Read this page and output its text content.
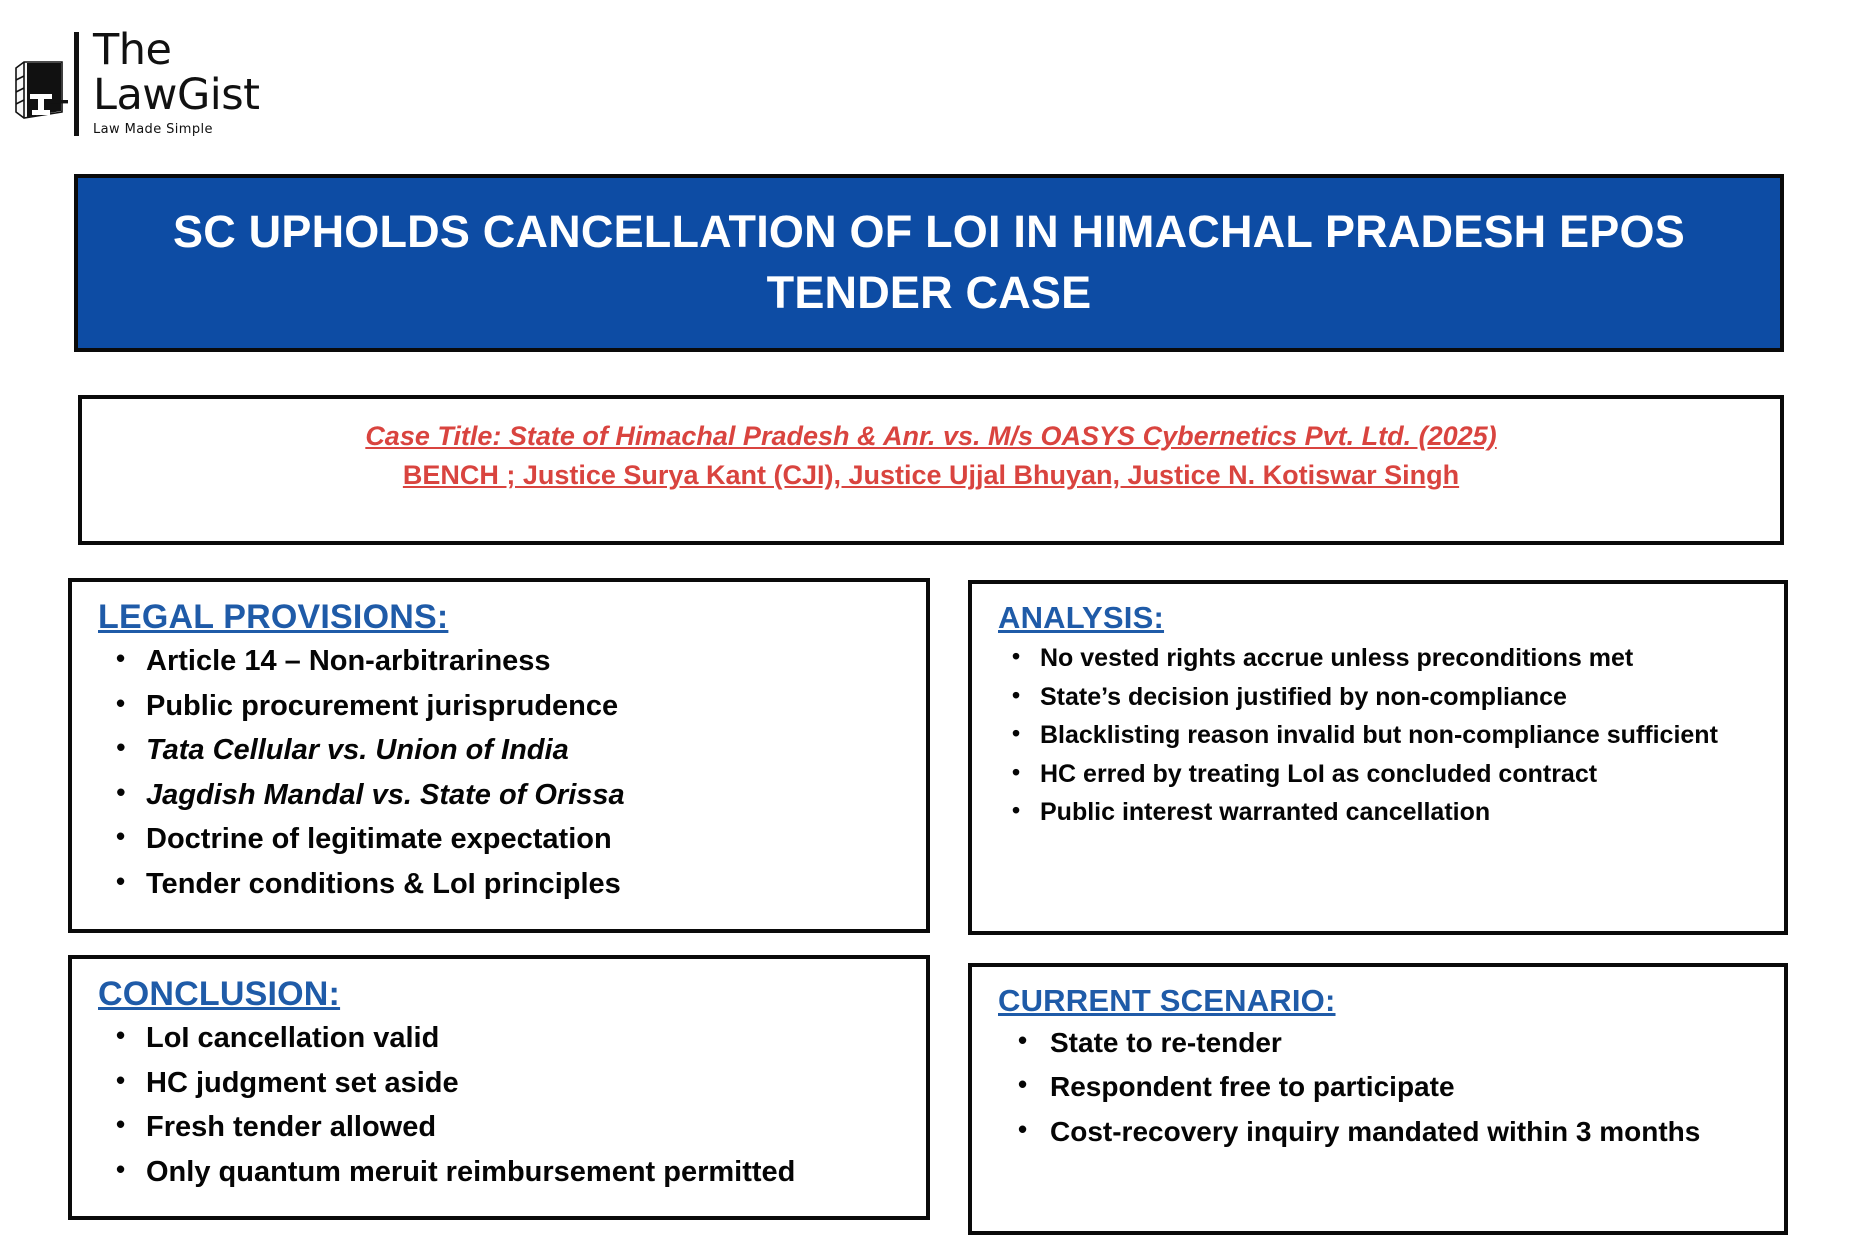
The
LawGist
Law Made Simple
SC UPHOLDS CANCELLATION OF LOI IN HIMACHAL PRADESH EPOS TENDER CASE
Case Title: State of Himachal Pradesh & Anr. vs. M/s OASYS Cybernetics Pvt. Ltd. (2025)
BENCH ; Justice Surya Kant (CJI), Justice Ujjal Bhuyan, Justice N. Kotiswar Singh
LEGAL PROVISIONS:
• Article 14 – Non-arbitrariness
• Public procurement jurisprudence
• Tata Cellular vs. Union of India
• Jagdish Mandal vs. State of Orissa
• Doctrine of legitimate expectation
• Tender conditions & LoI principles
ANALYSIS:
• No vested rights accrue unless preconditions met
• State’s decision justified by non-compliance
• Blacklisting reason invalid but non-compliance sufficient
• HC erred by treating LoI as concluded contract
• Public interest warranted cancellation
CONCLUSION:
• LoI cancellation valid
• HC judgment set aside
• Fresh tender allowed
• Only quantum meruit reimbursement permitted
CURRENT SCENARIO:
• State to re-tender
• Respondent free to participate
• Cost-recovery inquiry mandated within 3 months
